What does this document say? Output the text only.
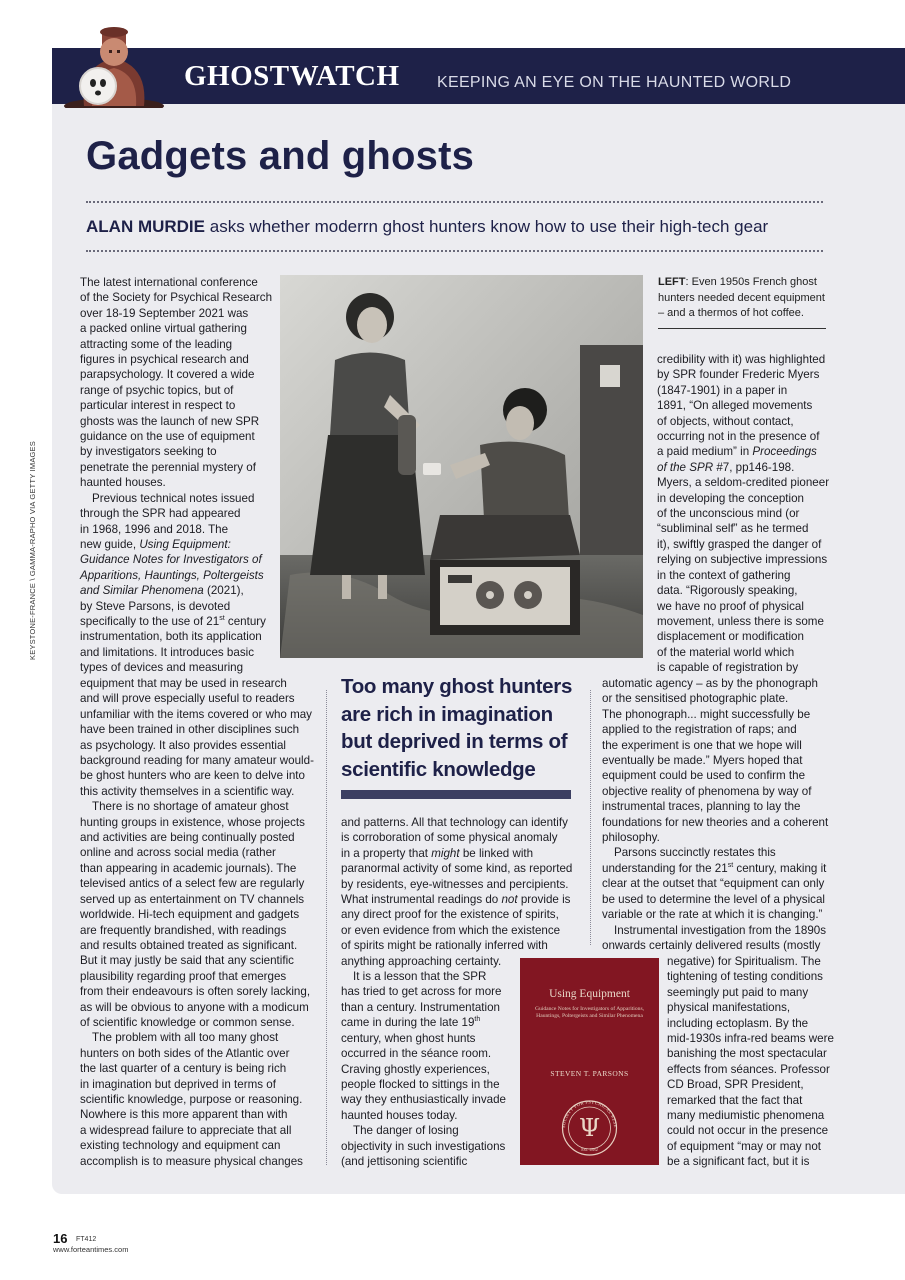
GHOSTWATCH KEEPING AN EYE ON THE HAUNTED WORLD
Gadgets and ghosts
ALAN MURDIE asks whether moderrn ghost hunters know how to use their high-tech gear
LEFT: Even 1950s French ghost hunters needed decent equipment – and a thermos of hot coffee.
KEYSTONE-FRANCE \ GAMMA-RAPHO VIA GETTY IMAGES

The latest international conference
of the Society for Psychical Research
over 18-19 September 2021 was
a packed online virtual gathering
attracting some of the leading
figures in psychical research and
parapsychology. It covered a wide
range of psychic topics, but of
particular interest in respect to
ghosts was the launch of new SPR
guidance on the use of equipment
by investigators seeking to
penetrate the perennial mystery of
haunted houses.

Previous technical notes issued
through the SPR had appeared
in 1968, 1996 and 2018. The
new guide, Using Equipment:
Guidance Notes for Investigators of
Apparitions, Hauntings, Poltergeists
and Similar Phenomena (2021),
by Steve Parsons, is devoted
specifically to the use of 21st century
instrumentation, both its application
and limitations. It introduces basic
types of devices and measuring

equipment that may be used in research
and will prove especially useful to readers
unfamiliar with the items covered or who may
have been trained in other disciplines such
as psychology. It also provides essential
background reading for many amateur would-
be ghost hunters who are keen to delve into
this activity themselves in a scientific way.

There is no shortage of amateur ghost
hunting groups in existence, whose projects
and activities are being continually posted
online and across social media (rather
than appearing in academic journals). The
televised antics of a select few are regularly
served up as entertainment on TV channels
worldwide. Hi-tech equipment and gadgets
are frequently brandished, with readings
and results obtained treated as significant.
But it may justly be said that any scientific
plausibility regarding proof that emerges
from their endeavours is often sorely lacking,
as will be obvious to anyone with a modicum
of scientific knowledge or common sense.

The problem with all too many ghost
hunters on both sides of the Atlantic over
the last quarter of a century is being rich
in imagination but deprived in terms of
scientific knowledge, purpose or reasoning.
Nowhere is this more apparent than with
a widespread failure to appreciate that all
existing technology and equipment can
accomplish is to measure physical changes

Too many ghost hunters are rich in imagination but deprived in terms of scientific knowledge

and patterns. All that technology can identify
is corroboration of some physical anomaly
in a property that might be linked with
paranormal activity of some kind, as reported
by residents, eye-witnesses and percipients.
What instrumental readings do not provide is
any direct proof for the existence of spirits,
or even evidence from which the existence
of spirits might be rationally inferred with
anything approaching certainty.

It is a lesson that the SPR
has tried to get across for more
than a century. Instrumentation
came in during the late 19th
century, when ghost hunts
occurred in the séance room.
Craving ghostly experiences,
people flocked to sittings in the
way they enthusiastically invade
haunted houses today.

The danger of losing
objectivity in such investigations
(and jettisoning scientific

Using Equipment
Guidance Notes for Investigators of Apparitions, Hauntings, Poltergeists and Similar Phenomena
STEVEN T. PARSONS
SOCIETY FOR PSYCHICAL RESE
Ψ
Est. 1882

credibility with it) was highlighted
by SPR founder Frederic Myers
(1847-1901) in a paper in
1891, “On alleged movements
of objects, without contact,
occurring not in the presence of
a paid medium” in Proceedings
of the SPR #7, pp146-198.
Myers, a seldom-credited pioneer
in developing the conception
of the unconscious mind (or
“subliminal self” as he termed
it), swiftly grasped the danger of
relying on subjective impressions
in the context of gathering
data. “Rigorously speaking,
we have no proof of physical
movement, unless there is some
displacement or modification
of the material world which
is capable of registration by

automatic agency – as by the phonograph
or the sensitised photographic plate.
The phonograph... might successfully be
applied to the registration of raps; and
the experiment is one that we hope will
eventually be made.” Myers hoped that
equipment could be used to confirm the
objective reality of phenomena by way of
instrumental traces, planning to lay the
foundations for new theories and a coherent
philosophy.

Parsons succinctly restates this
understanding for the 21st century, making it
clear at the outset that “equipment can only
be used to determine the level of a physical
variable or the rate at which it is changing.”

Instrumental investigation from the 1890s
onwards certainly delivered results (mostly

negative) for Spiritualism. The
tightening of testing conditions
seemingly put paid to many
physical manifestations,
including ectoplasm. By the
mid-1930s infra-red beams were
banishing the most spectacular
effects from séances. Professor
CD Broad, SPR President,
remarked that the fact that
many mediumistic phenomena
could not occur in the presence
of equipment “may or may not
be a significant fact, but it is

16 FT412
www.forteantimes.com
